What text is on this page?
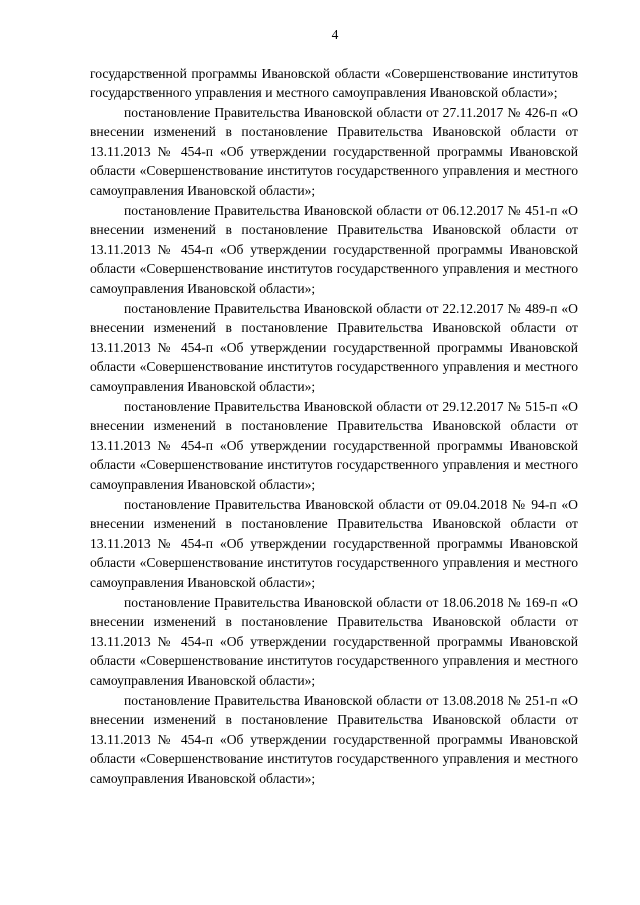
4

государственной программы Ивановской области «Совершенствование институтов государственного управления и местного самоуправления Ивановской области»;

постановление Правительства Ивановской области от 27.11.2017 № 426-п «О внесении изменений в постановление Правительства Ивановской области от 13.11.2013 № 454-п «Об утверждении государственной программы Ивановской области «Совершенствование институтов государственного управления и местного самоуправления Ивановской области»;

постановление Правительства Ивановской области от 06.12.2017 № 451-п «О внесении изменений в постановление Правительства Ивановской области от 13.11.2013 № 454-п «Об утверждении государственной программы Ивановской области «Совершенствование институтов государственного управления и местного самоуправления Ивановской области»;

постановление Правительства Ивановской области от 22.12.2017 № 489-п «О внесении изменений в постановление Правительства Ивановской области от 13.11.2013 № 454-п «Об утверждении государственной программы Ивановской области «Совершенствование институтов государственного управления и местного самоуправления Ивановской области»;

постановление Правительства Ивановской области от 29.12.2017 № 515-п «О внесении изменений в постановление Правительства Ивановской области от 13.11.2013 № 454-п «Об утверждении государственной программы Ивановской области «Совершенствование институтов государственного управления и местного самоуправления Ивановской области»;

постановление Правительства Ивановской области от 09.04.2018 № 94-п «О внесении изменений в постановление Правительства Ивановской области от 13.11.2013 № 454-п «Об утверждении государственной программы Ивановской области «Совершенствование институтов государственного управления и местного самоуправления Ивановской области»;

постановление Правительства Ивановской области от 18.06.2018 № 169-п «О внесении изменений в постановление Правительства Ивановской области от 13.11.2013 № 454-п «Об утверждении государственной программы Ивановской области «Совершенствование институтов государственного управления и местного самоуправления Ивановской области»;

постановление Правительства Ивановской области от 13.08.2018 № 251-п «О внесении изменений в постановление Правительства Ивановской области от 13.11.2013 № 454-п «Об утверждении государственной программы Ивановской области «Совершенствование институтов государственного управления и местного самоуправления Ивановской области»;
